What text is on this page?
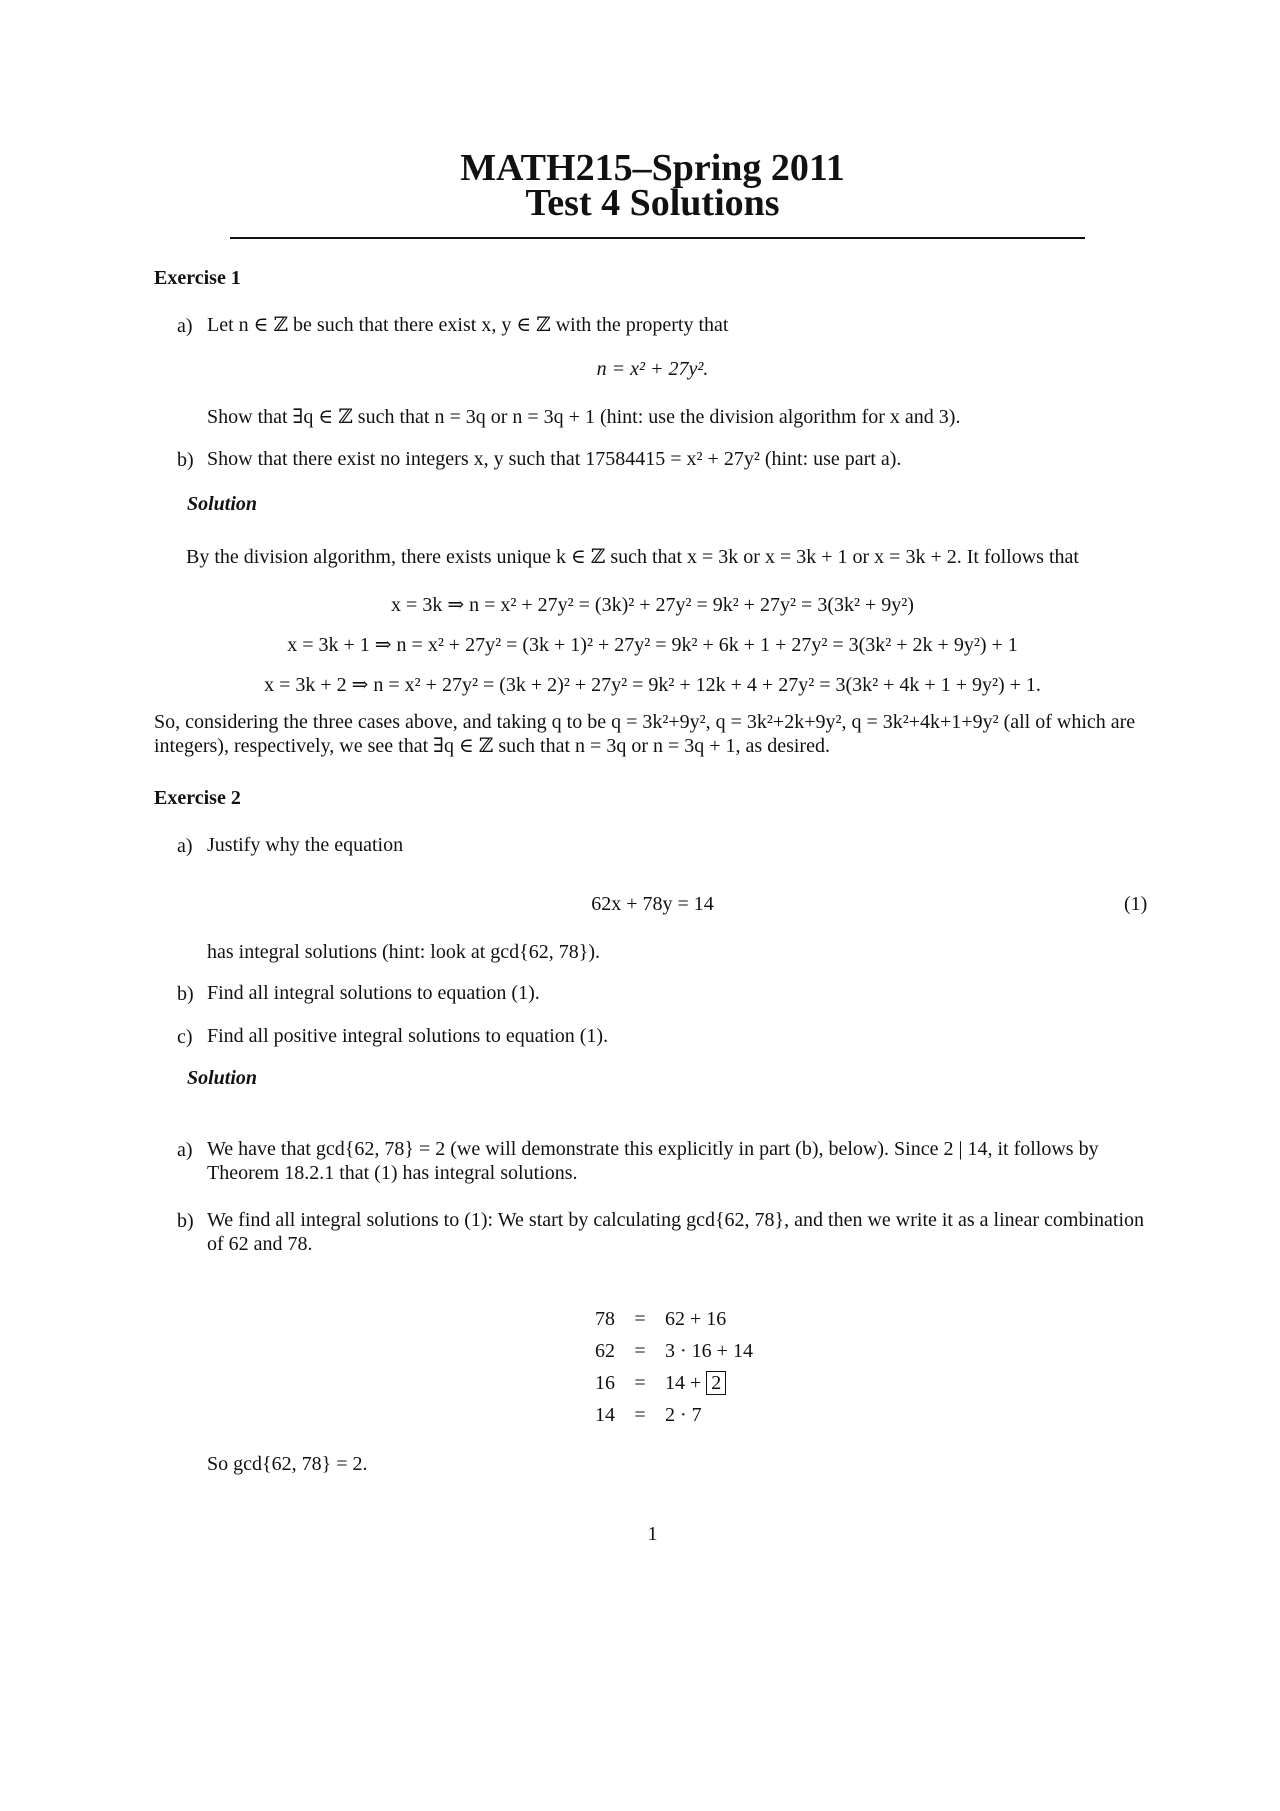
MATH215–Spring 2011
Test 4 Solutions
Exercise 1
a) Let n ∈ ℤ be such that there exist x, y ∈ ℤ with the property that
n = x² + 27y².
Show that ∃q ∈ ℤ such that n = 3q or n = 3q + 1 (hint: use the division algorithm for x and 3).
b) Show that there exist no integers x, y such that 17584415 = x² + 27y² (hint: use part a).
Solution
By the division algorithm, there exists unique k ∈ ℤ such that x = 3k or x = 3k + 1 or x = 3k + 2. It follows that
x = 3k ⇒ n = x² + 27y² = (3k)² + 27y² = 9k² + 27y² = 3(3k² + 9y²)
x = 3k + 1 ⇒ n = x² + 27y² = (3k + 1)² + 27y² = 9k² + 6k + 1 + 27y² = 3(3k² + 2k + 9y²) + 1
x = 3k + 2 ⇒ n = x² + 27y² = (3k + 2)² + 27y² = 9k² + 12k + 4 + 27y² = 3(3k² + 4k + 1 + 9y²) + 1.
So, considering the three cases above, and taking q to be q = 3k²+9y², q = 3k²+2k+9y², q = 3k²+4k+1+9y² (all of which are integers), respectively, we see that ∃q ∈ ℤ such that n = 3q or n = 3q + 1, as desired.
Exercise 2
a) Justify why the equation
62x + 78y = 14	(1)
has integral solutions (hint: look at gcd{62, 78}).
b) Find all integral solutions to equation (1).
c) Find all positive integral solutions to equation (1).
Solution
a) We have that gcd{62, 78} = 2 (we will demonstrate this explicitly in part (b), below). Since 2 | 14, it follows by Theorem 18.2.1 that (1) has integral solutions.
b) We find all integral solutions to (1): We start by calculating gcd{62, 78}, and then we write it as a linear combination of 62 and 78.
78	=	62 + 16
62	=	3 · 16 + 14
16	=	14 + 2
14	=	2 · 7
So gcd{62, 78} = 2.
1
